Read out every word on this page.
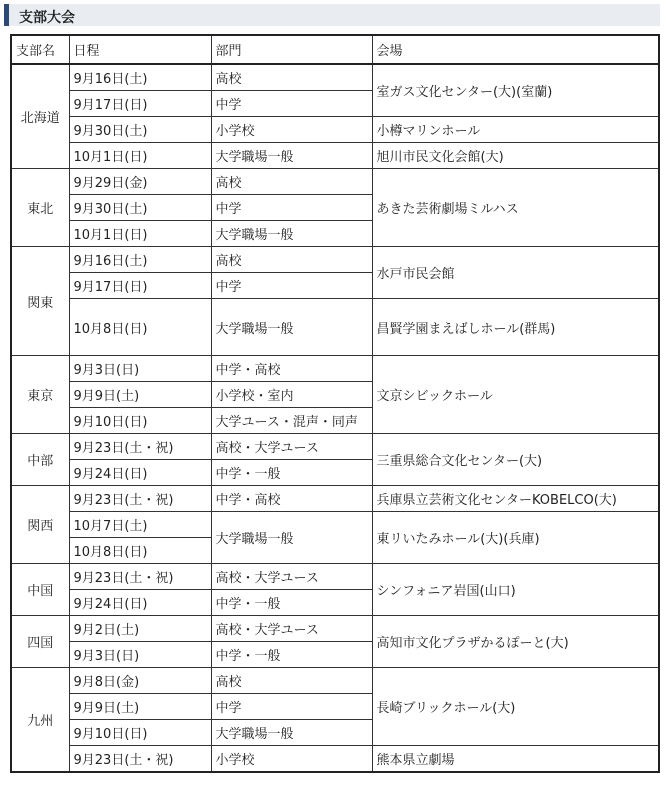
支部大会
支部名	日程	部門	会場
北海道	9月16日(土)	高校	室ガス文化センター(大)(室蘭)
	9月17日(日)	中学	
	9月30日(土)	小学校	小樽マリンホール
	10月1日(日)	大学職場一般	旭川市民文化会館(大)
東北	9月29日(金)	高校	あきた芸術劇場ミルハス
	9月30日(土)	中学	
	10月1日(日)	大学職場一般	
関東	9月16日(土)	高校	水戸市民会館
	9月17日(日)	中学	
	10月8日(日)	大学職場一般	昌賢学園まえばしホール(群馬)
東京	9月3日(日)	中学・高校	文京シビックホール
	9月9日(土)	小学校・室内	
	9月10日(日)	大学ユース・混声・同声	
中部	9月23日(土・祝)	高校・大学ユース	三重県総合文化センター(大)
	9月24日(日)	中学・一般	
関西	9月23日(土・祝)	中学・高校	兵庫県立芸術文化センターKOBELCO(大)
	10月7日(土)	大学職場一般	東リいたみホール(大)(兵庫)
	10月8日(日)		
中国	9月23日(土・祝)	高校・大学ユース	シンフォニア岩国(山口)
	9月24日(日)	中学・一般	
四国	9月2日(土)	高校・大学ユース	高知市文化プラザかるぽーと(大)
	9月3日(日)	中学・一般	
九州	9月8日(金)	高校	長崎ブリックホール(大)
	9月9日(土)	中学	
	9月10日(日)	大学職場一般	
	9月23日(土・祝)	小学校	熊本県立劇場
